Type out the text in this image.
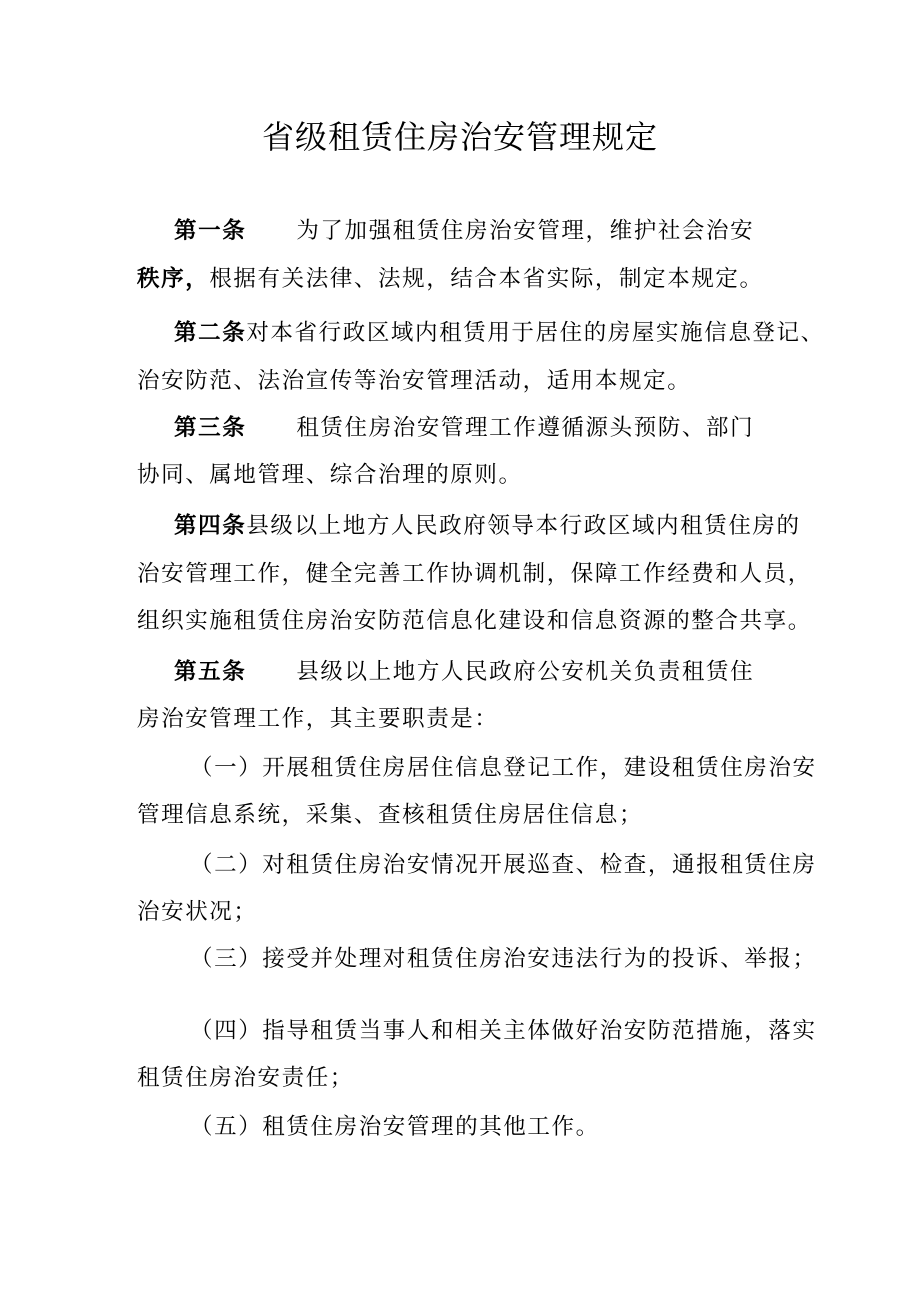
省级租赁住房治安管理规定
第一条 为了加强租赁住房治安管理，维护社会治安
秩序，根据有关法律、法规，结合本省实际，制定本规定。
第二条对本省行政区域内租赁用于居住的房屋实施信息登记、
治安防范、法治宣传等治安管理活动，适用本规定。
第三条 租赁住房治安管理工作遵循源头预防、部门
协同、属地管理、综合治理的原则。
第四条县级以上地方人民政府领导本行政区域内租赁住房的
治安管理工作，健全完善工作协调机制，保障工作经费和人员，
组织实施租赁住房治安防范信息化建设和信息资源的整合共享。
第五条 县级以上地方人民政府公安机关负责租赁住
房治安管理工作，其主要职责是：
（一）开展租赁住房居住信息登记工作，建设租赁住房治安
管理信息系统，采集、查核租赁住房居住信息；
（二）对租赁住房治安情况开展巡查、检查，通报租赁住房
治安状况；
（三）接受并处理对租赁住房治安违法行为的投诉、举报；
（四）指导租赁当事人和相关主体做好治安防范措施，落实
租赁住房治安责任；
（五）租赁住房治安管理的其他工作。
